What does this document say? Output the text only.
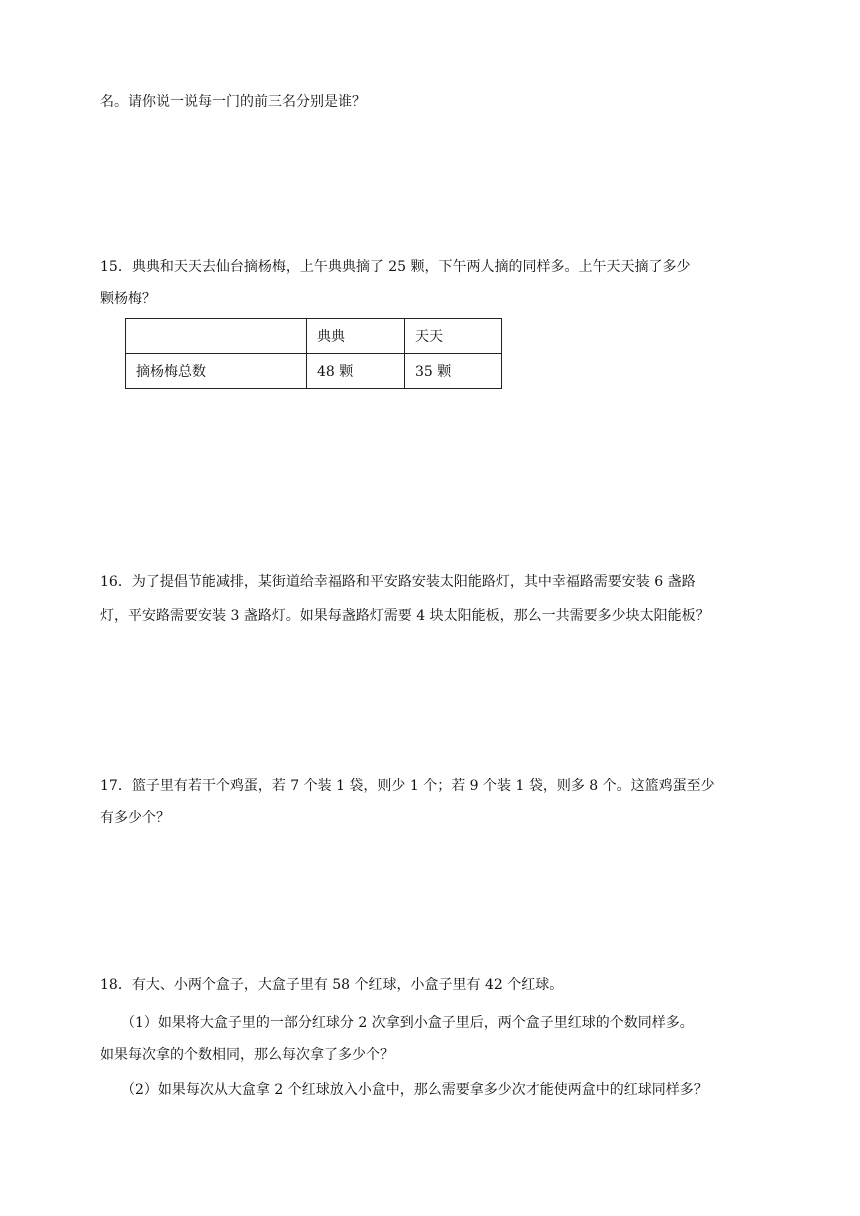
名。请你说一说每一门的前三名分别是谁？
15．典典和天天去仙台摘杨梅，上午典典摘了 25 颗，下午两人摘的同样多。上午天天摘了多少
颗杨梅？
	典典	天天
摘杨梅总数	48 颗	35 颗
16．为了提倡节能减排，某街道给幸福路和平安路安装太阳能路灯，其中幸福路需要安装 6 盏路
灯，平安路需要安装 3 盏路灯。如果每盏路灯需要 4 块太阳能板，那么一共需要多少块太阳能板？
17．篮子里有若干个鸡蛋，若 7 个装 1 袋，则少 1 个；若 9 个装 1 袋，则多 8 个。这篮鸡蛋至少
有多少个？
18．有大、小两个盒子，大盒子里有 58 个红球，小盒子里有 42 个红球。
（1）如果将大盒子里的一部分红球分 2 次拿到小盒子里后，两个盒子里红球的个数同样多。
如果每次拿的个数相同，那么每次拿了多少个？
（2）如果每次从大盒拿 2 个红球放入小盒中，那么需要拿多少次才能使两盒中的红球同样多？
